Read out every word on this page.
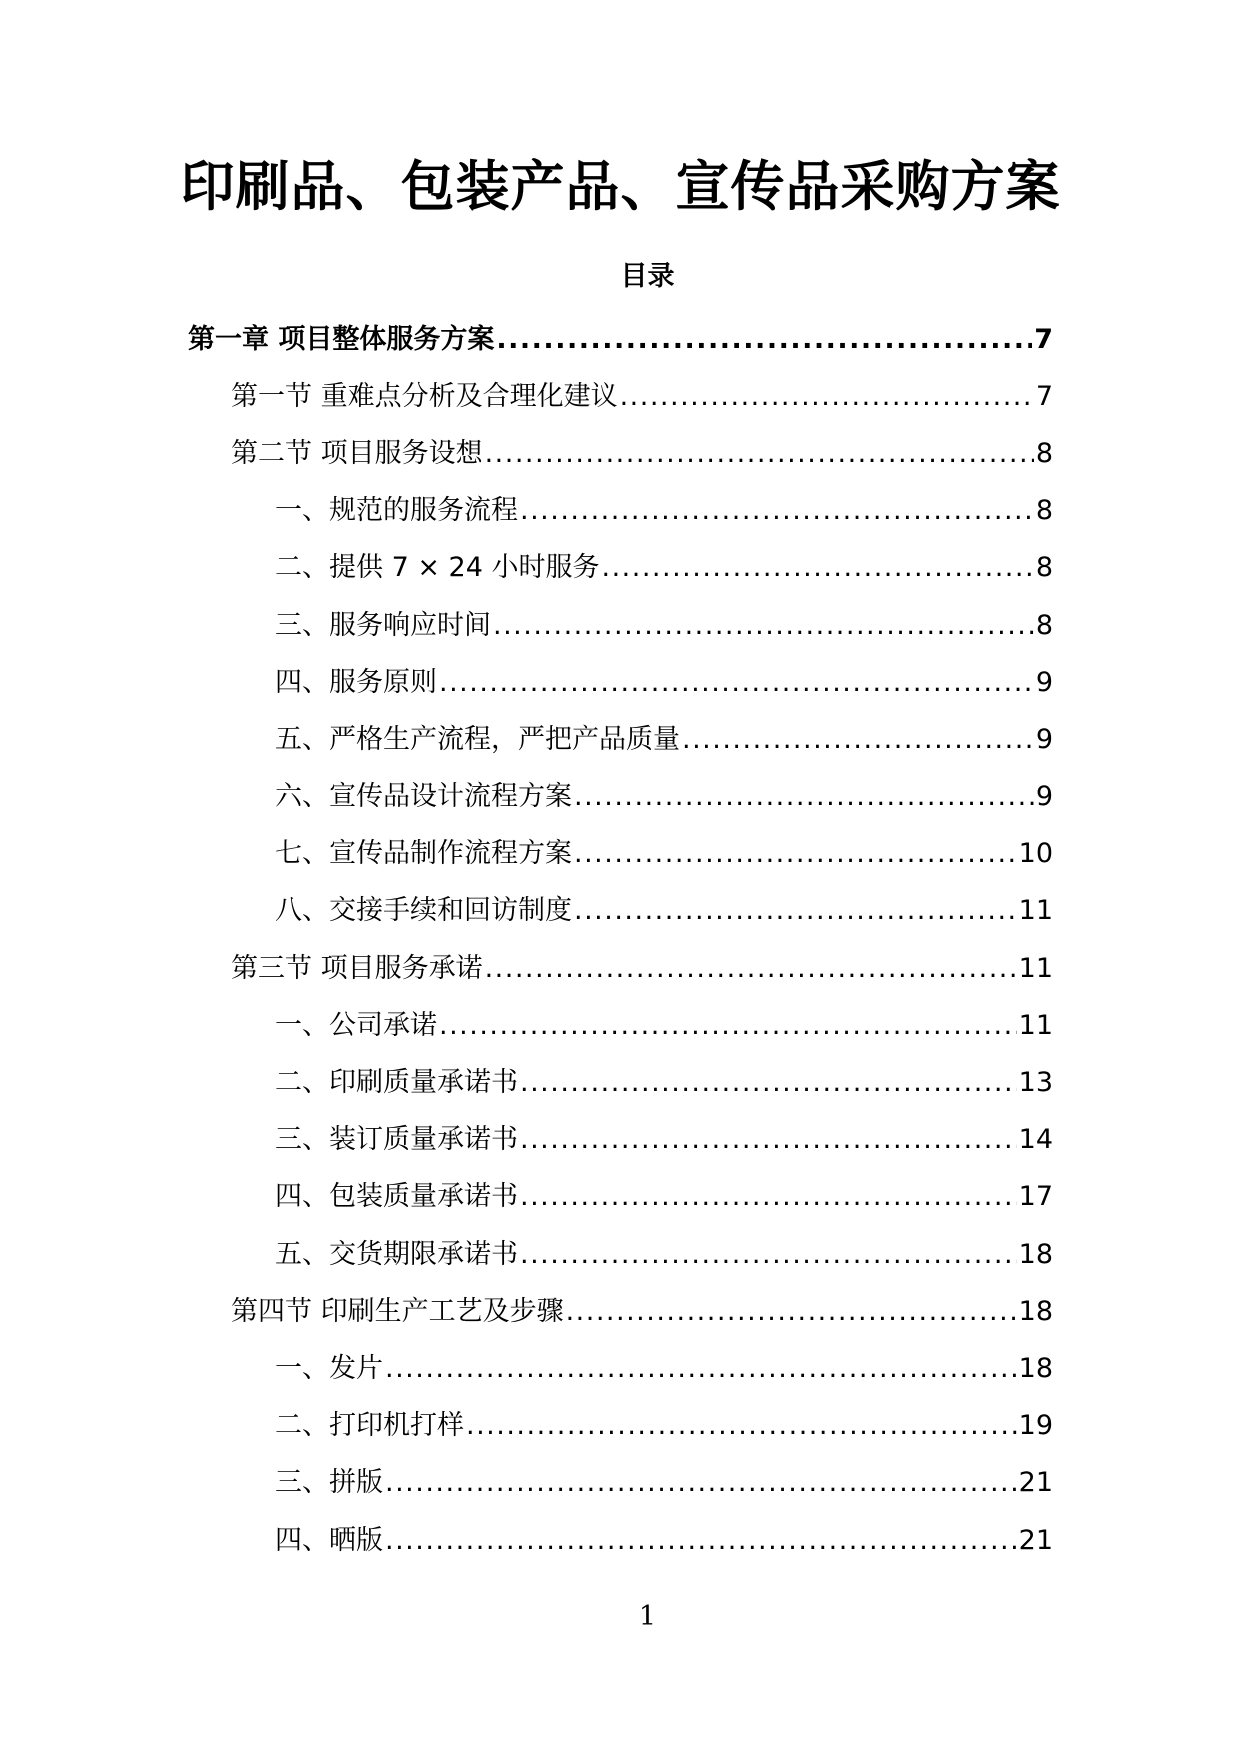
印刷品、包装产品、宣传品采购方案
目录
第一章 项目整体服务方案 .....	7
第一节 重难点分析及合理化建议 .....	7
第二节 项目服务设想 .....	8
一、规范的服务流程 .....	8
二、提供 7 × 24 小时服务 .....	8
三、服务响应时间 .....	8
四、服务原则 .....	9
五、严格生产流程，严把产品质量 .....	9
六、宣传品设计流程方案 .....	9
七、宣传品制作流程方案 .....	10
八、交接手续和回访制度 .....	11
第三节 项目服务承诺 .....	11
一、公司承诺 .....	11
二、印刷质量承诺书 .....	13
三、装订质量承诺书 .....	14
四、包装质量承诺书 .....	17
五、交货期限承诺书 .....	18
第四节 印刷生产工艺及步骤 .....	18
一、发片 .....	18
二、打印机打样 .....	19
三、拼版 .....	21
四、晒版 .....	21
1
